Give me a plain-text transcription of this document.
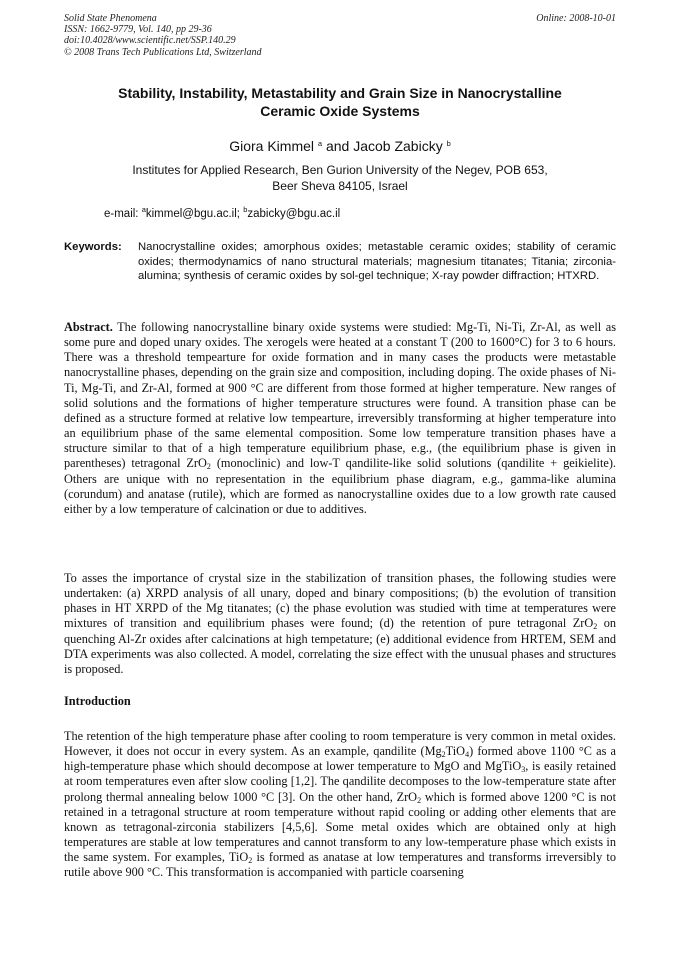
Solid State Phenomena
ISSN: 1662-9779, Vol. 140, pp 29-36
doi:10.4028/www.scientific.net/SSP.140.29
© 2008 Trans Tech Publications Ltd, Switzerland
Online: 2008-10-01
Stability, Instability, Metastability and Grain Size in Nanocrystalline
Ceramic Oxide Systems
Giora Kimmel $^a$ and Jacob Zabicky $^b$
Institutes for Applied Research, Ben Gurion University of the Negev, POB 653,
Beer Sheva 84105, Israel
e-mail: $^a$kimmel@bgu.ac.il; $^b$zabicky@bgu.ac.il
Keywords: Nanocrystalline oxides; amorphous oxides; metastable ceramic oxides; stability of ceramic oxides; thermodynamics of nano structural materials; magnesium titanates; Titania; zirconia-alumina; synthesis of ceramic oxides by sol-gel technique; X-ray powder diffraction; HTXRD.
Abstract. The following nanocrystalline binary oxide systems were studied: Mg-Ti, Ni-Ti, Zr-Al, as well as some pure and doped unary oxides. The xerogels were heated at a constant T (200 to 1600°C) for 3 to 6 hours. There was a threshold tempearture for oxide formation and in many cases the products were metastable nanocrystalline phases, depending on the grain size and composition, including doping. The oxide phases of Ni-Ti, Mg-Ti, and Zr-Al, formed at 900 °C are different from those formed at higher temperature. New ranges of solid solutions and the formations of higher temperature structures were found. A transition phase can be defined as a structure formed at relative low tempearture, irreversibly transforming at higher temperature into an equilibrium phase of the same elemental composition. Some low temperature transition phases have a structure similar to that of a high temperature equilibrium phase, e.g., (the equilibrium phase is given in parentheses) tetragonal ZrO$_2$ (monoclinic) and low-T qandilite-like solid solutions (qandilite + geikielite). Others are unique with no representation in the equilibrium phase diagram, e.g., gamma-like alumina (corundum) and anatase (rutile), which are formed as nanocrystalline oxides due to a low growth rate caused either by a low temperature of calcination or due to additives.
To asses the importance of crystal size in the stabilization of transition phases, the following studies were undertaken: (a) XRPD analysis of all unary, doped and binary compositions; (b) the evolution of transition phases in HT XRPD of the Mg titanates; (c) the phase evolution was studied with time at temperatures were mixtures of transition and equilibrium phases were found; (d) the retention of pure tetragonal ZrO$_2$ on quenching Al-Zr oxides after calcinations at high tempetature; (e) additional evidence from HRTEM, SEM and DTA experiments was also collected. A model, correlating the size effect with the unusual phases and structures is proposed.
Introduction
The retention of the high temperature phase after cooling to room temperature is very common in metal oxides. However, it does not occur in every system. As an example, qandilite $(Mg_2TiO_4)$ formed above 1100 °C as a high-temperature phase which should decompose at lower temperature to MgO and MgTiO$_3$, is easily retained at room temperatures even after slow cooling [1,2]. The qandilite decomposes to the low-temperature state after prolong thermal annealing below 1000 °C [3]. On the other hand, ZrO$_2$ which is formed above 1200 °C is not retained in a tetragonal structure at room temperature without rapid cooling or adding other elements that are known as tetragonal-zirconia stabilizers [4,5,6]. Some metal oxides which are obtained only at high temperatures are stable at low temperatures and cannot transform to any low-temperature phase which exists in the same system. For examples, TiO$_2$ is formed as anatase at low temperatures and transforms irreversibly to rutile above 900 °C. This transformation is accompanied with particle coarsening
